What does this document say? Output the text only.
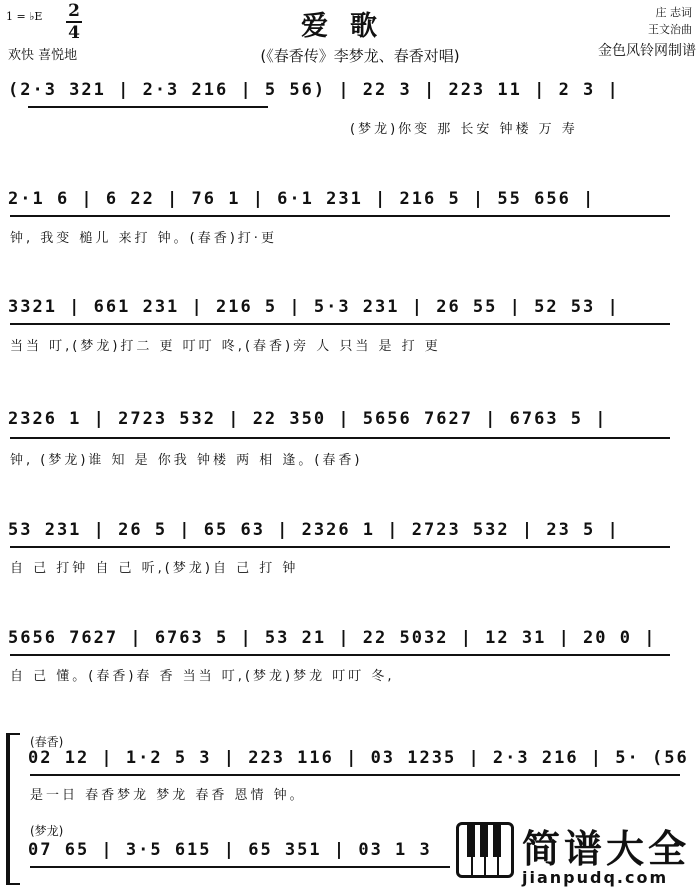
1 = ♭E 2
4
欢快 喜悦地
爱歌
(《春香传》李梦龙、春香对唱)
庄 志词
王文治曲
金色风铃网制谱
(2·3 321 | 2·3 216 | 5 56) | 22 3 | 223 11 | 2 3 |
(梦龙)你变 那 长安 钟楼 万 寿
2·1 6 | 6 22 | 76 1 | 6·1 231 | 216 5 | 55 656 |
钟, 我变 槌儿 来打 钟。(春香)打·更
3321 | 661 231 | 216 5 | 5·3 231 | 26 55 | 52 53 |
当当 叮,(梦龙)打二 更 叮叮 咚,(春香)旁 人 只当 是 打 更
2326 1 | 2723 532 | 22 350 | 5656 7627 | 6763 5 |
钟, (梦龙)谁 知 是 你我 钟楼 两 相 逢。(春香)
53 231 | 26 5 | 65 63 | 2326 1 | 2723 532 | 23 5 |
自 己 打钟 自 己 听,(梦龙)自 己 打 钟
5656 7627 | 6763 5 | 53 21 | 22 5032 | 12 31 | 20 0 |
自 己 懂。(春香)春 香 当当 叮,(梦龙)梦龙 叮叮 冬,
(春香)
02 12 | 1·2 5 3 | 223 116 | 03 1235 | 2·3 216 | 5· (56
是一日 春香梦龙 梦龙 春香 恩情 钟。
(梦龙)
07 65 | 3·5 615 | 65 351 | 03 1 3 简谱大全
jianpudq.com
